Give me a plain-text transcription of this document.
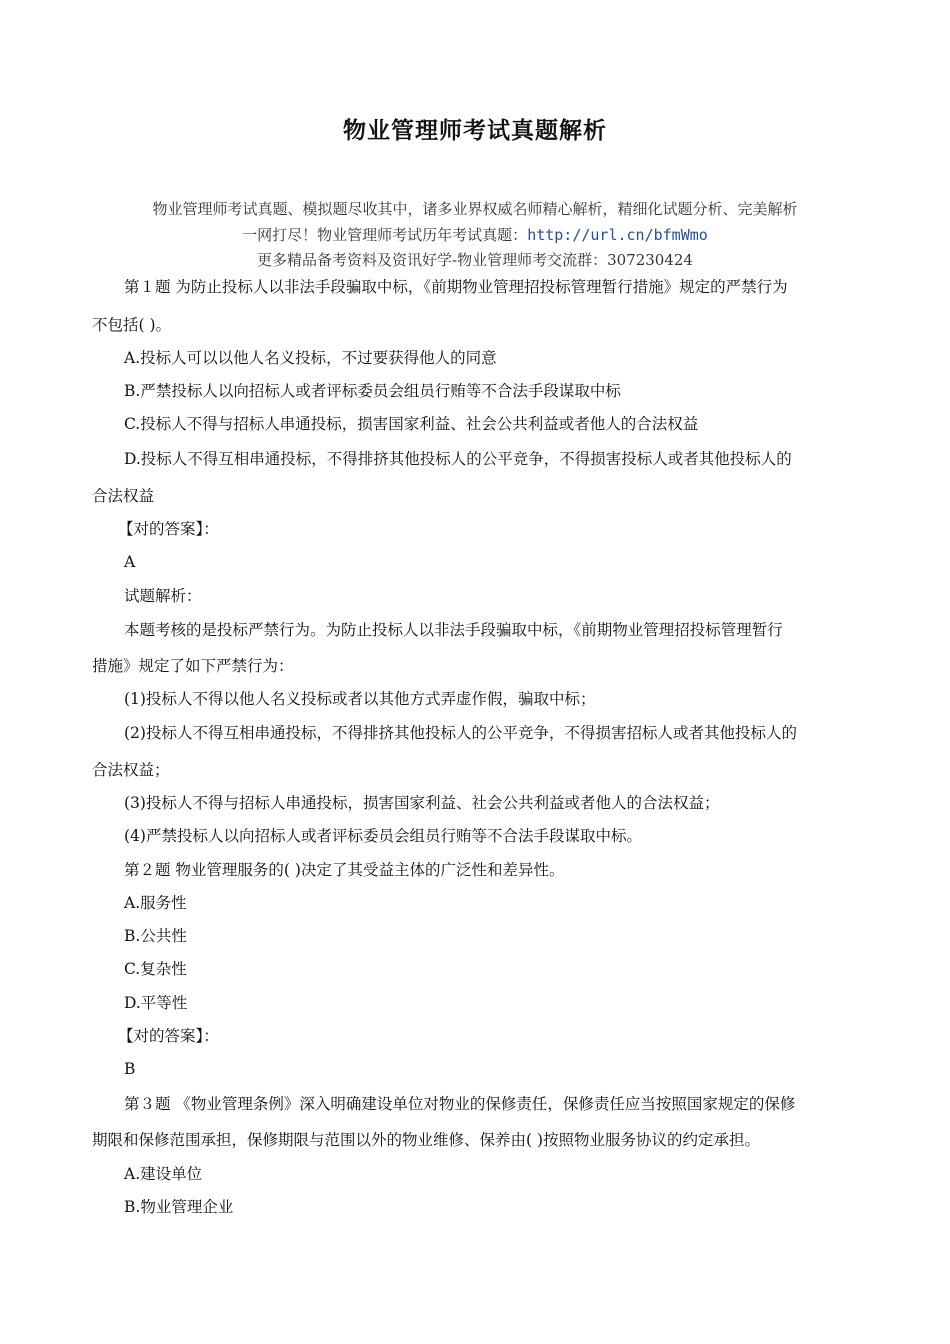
物业管理师考试真题解析
物业管理师考试真题、模拟题尽收其中，诸多业界权威名师精心解析，精细化试题分析、完美解析
一网打尽！物业管理师考试历年考试真题：http://url.cn/bfmWmo
更多精品备考资料及资讯好学-物业管理师考交流群：307230424
第１题 为防止投标人以非法手段骗取中标，《前期物业管理招投标管理暂行措施》规定的严禁行为
不包括( )。
A.投标人可以以他人名义投标，不过要获得他人的同意
B.严禁投标人以向招标人或者评标委员会组员行贿等不合法手段谋取中标
C.投标人不得与招标人串通投标，损害国家利益、社会公共利益或者他人的合法权益
D.投标人不得互相串通投标，不得排挤其他投标人的公平竞争，不得损害投标人或者其他投标人的
合法权益
【对的答案】：
A
试题解析：
本题考核的是投标严禁行为。为防止投标人以非法手段骗取中标，《前期物业管理招投标管理暂行
措施》规定了如下严禁行为：
(1)投标人不得以他人名义投标或者以其他方式弄虚作假，骗取中标；
(2)投标人不得互相串通投标，不得排挤其他投标人的公平竞争，不得损害招标人或者其他投标人的
合法权益；
(3)投标人不得与招标人串通投标，损害国家利益、社会公共利益或者他人的合法权益；
(4)严禁投标人以向招标人或者评标委员会组员行贿等不合法手段谋取中标。
第２题 物业管理服务的( )决定了其受益主体的广泛性和差异性。
A.服务性
B.公共性
C.复杂性
D.平等性
【对的答案】：
B
第３题 《物业管理条例》深入明确建设单位对物业的保修责任，保修责任应当按照国家规定的保修
期限和保修范围承担，保修期限与范围以外的物业维修、保养由( )按照物业服务协议的约定承担。
A.建设单位
B.物业管理企业
